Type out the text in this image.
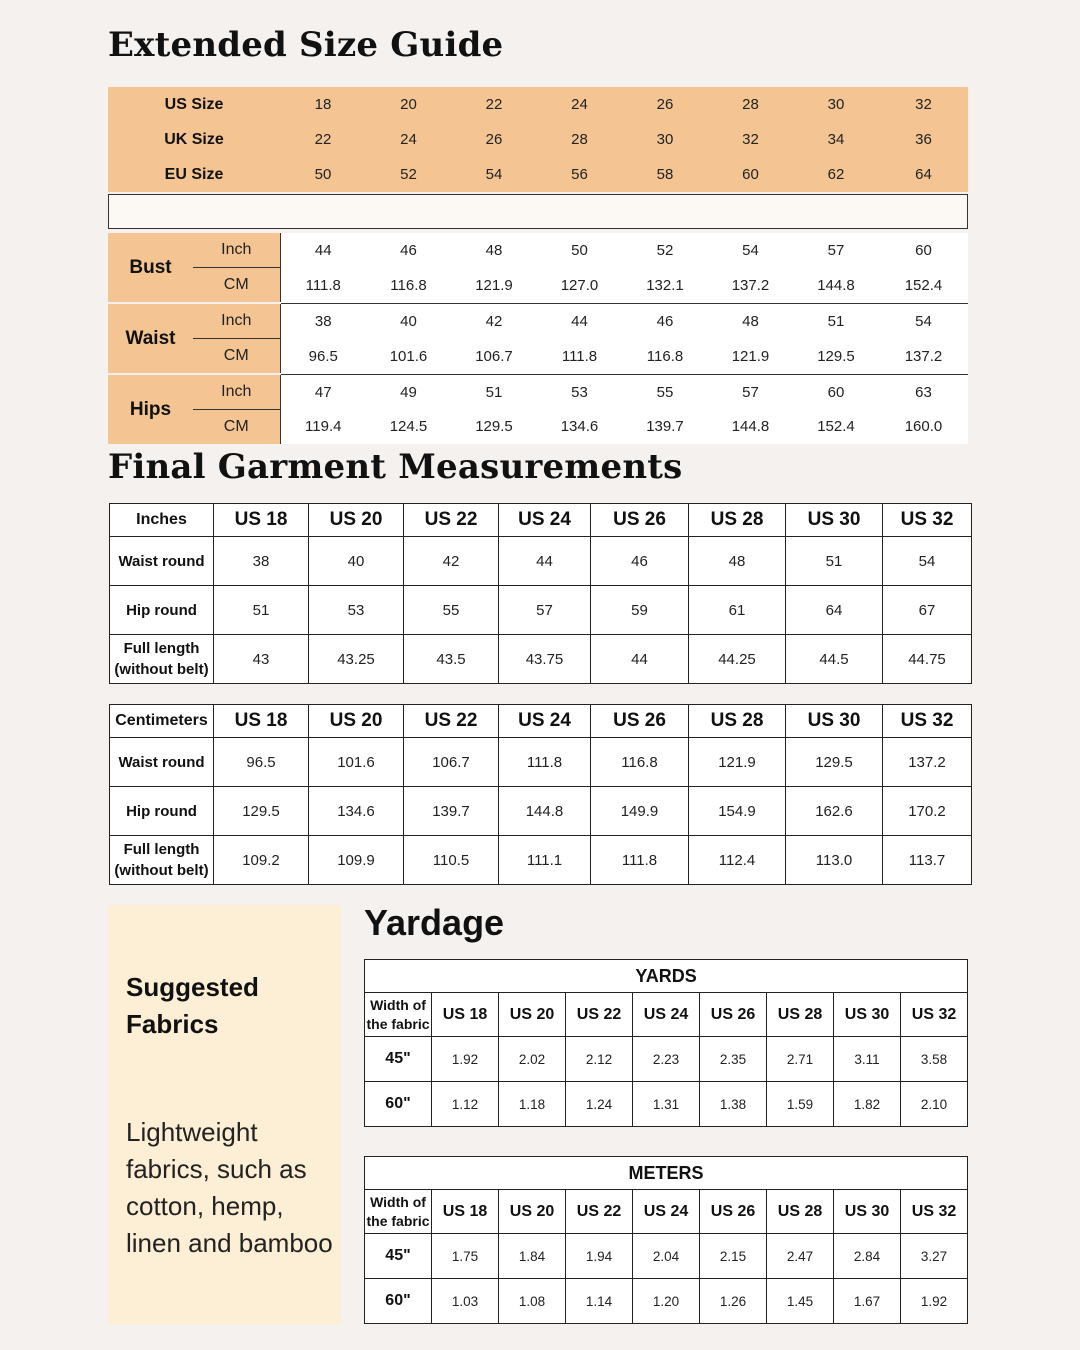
Extended Size Guide
US Size	18	20	22	24	26	28	30	32
UK Size	22	24	26	28	30	32	34	36
EU Size	50	52	54	56	58	60	62	64
Bust	Inch	44	46	48	50	52	54	57	60
	CM	111.8	116.8	121.9	127.0	132.1	137.2	144.8	152.4
Waist	Inch	38	40	42	44	46	48	51	54
	CM	96.5	101.6	106.7	111.8	116.8	121.9	129.5	137.2
Hips	Inch	47	49	51	53	55	57	60	63
	CM	119.4	124.5	129.5	134.6	139.7	144.8	152.4	160.0
Final Garment Measurements
Inches	US 18	US 20	US 22	US 24	US 26	US 28	US 30	US 32
Waist round	38	40	42	44	46	48	51	54
Hip round	51	53	55	57	59	61	64	67
Full length
(without belt)	43	43.25	43.5	43.75	44	44.25	44.5	44.75
Centimeters	US 18	US 20	US 22	US 24	US 26	US 28	US 30	US 32
Waist round	96.5	101.6	106.7	111.8	116.8	121.9	129.5	137.2
Hip round	129.5	134.6	139.7	144.8	149.9	154.9	162.6	170.2
Full length
(without belt)	109.2	109.9	110.5	111.1	111.8	112.4	113.0	113.7

Suggested
Fabrics

Lightweight fabrics, such as cotton, hemp, linen and bamboo

Yardage
YARDS								
Width of
the fabric	US 18	US 20	US 22	US 24	US 26	US 28	US 30	US 32
45"	1.92	2.02	2.12	2.23	2.35	2.71	3.11	3.58
60"	1.12	1.18	1.24	1.31	1.38	1.59	1.82	2.10
METERS								
Width of
the fabric	US 18	US 20	US 22	US 24	US 26	US 28	US 30	US 32
45"	1.75	1.84	1.94	2.04	2.15	2.47	2.84	3.27
60"	1.03	1.08	1.14	1.20	1.26	1.45	1.67	1.92
